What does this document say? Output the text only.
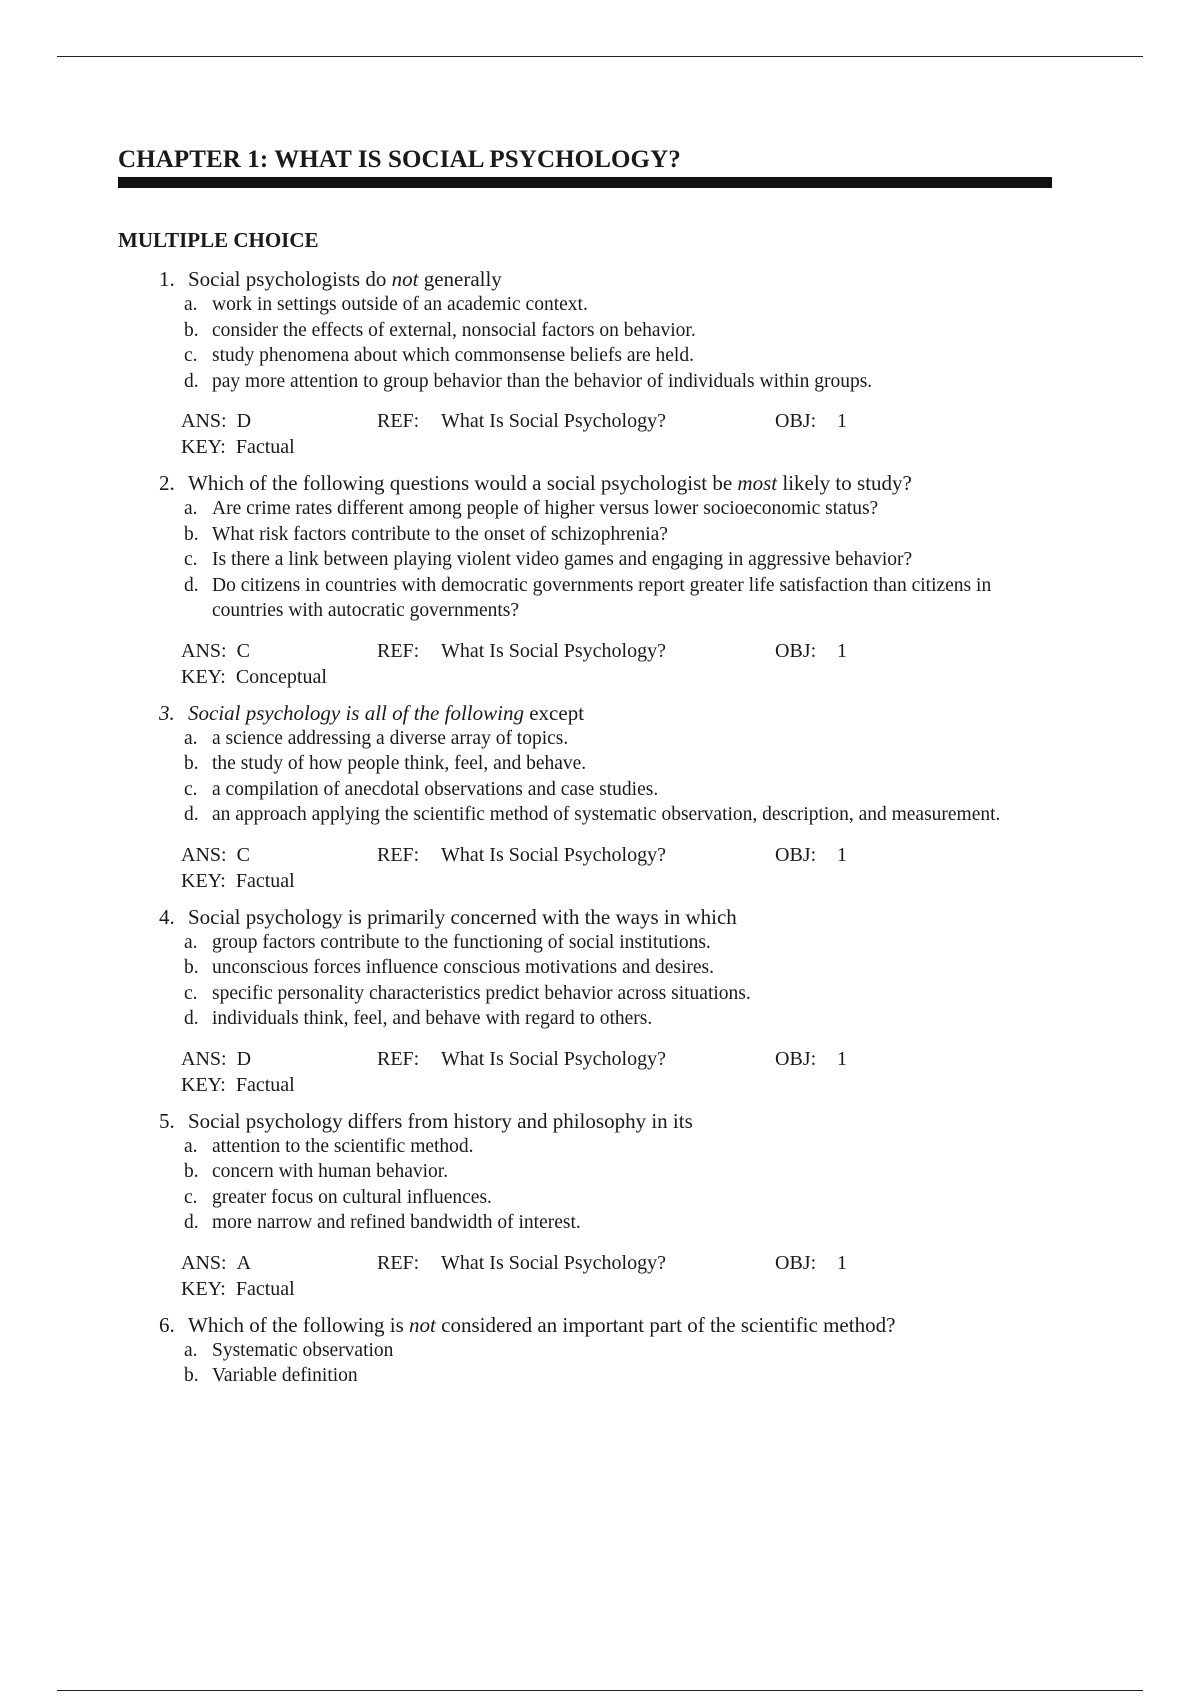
CHAPTER 1: WHAT IS SOCIAL PSYCHOLOGY?
MULTIPLE CHOICE
1. Social psychologists do not generally
a. work in settings outside of an academic context.
b. consider the effects of external, nonsocial factors on behavior.
c. study phenomena about which commonsense beliefs are held.
d. pay more attention to group behavior than the behavior of individuals within groups.
ANS: D	REF:	What Is Social Psychology?	OBJ:	1
KEY:
Factual
2. Which of the following questions would a social psychologist be most likely to study?
a. Are crime rates different among people of higher versus lower socioeconomic status?
b. What risk factors contribute to the onset of schizophrenia?
c. Is there a link between playing violent video games and engaging in aggressive behavior?
d. Do citizens in countries with democratic governments report greater life satisfaction than citizens in countries with autocratic governments?
ANS: C	REF:	What Is Social Psychology?	OBJ:	1
KEY:
Conceptual
3. Social psychology is all of the following except
a. a science addressing a diverse array of topics.
b. the study of how people think, feel, and behave.
c. a compilation of anecdotal observations and case studies.
d. an approach applying the scientific method of systematic observation, description, and measurement.
ANS: C	REF:	What Is Social Psychology?	OBJ:	1
KEY:
Factual
4. Social psychology is primarily concerned with the ways in which
a. group factors contribute to the functioning of social institutions.
b. unconscious forces influence conscious motivations and desires.
c. specific personality characteristics predict behavior across situations.
d. individuals think, feel, and behave with regard to others.
ANS: D	REF:	What Is Social Psychology?	OBJ:	1
KEY:
Factual
5. Social psychology differs from history and philosophy in its
a. attention to the scientific method.
b. concern with human behavior.
c. greater focus on cultural influences.
d. more narrow and refined bandwidth of interest.
ANS: A	REF:	What Is Social Psychology?	OBJ:	1
KEY:
Factual
6. Which of the following is not considered an important part of the scientific method?
a. Systematic observation
b. Variable definition
